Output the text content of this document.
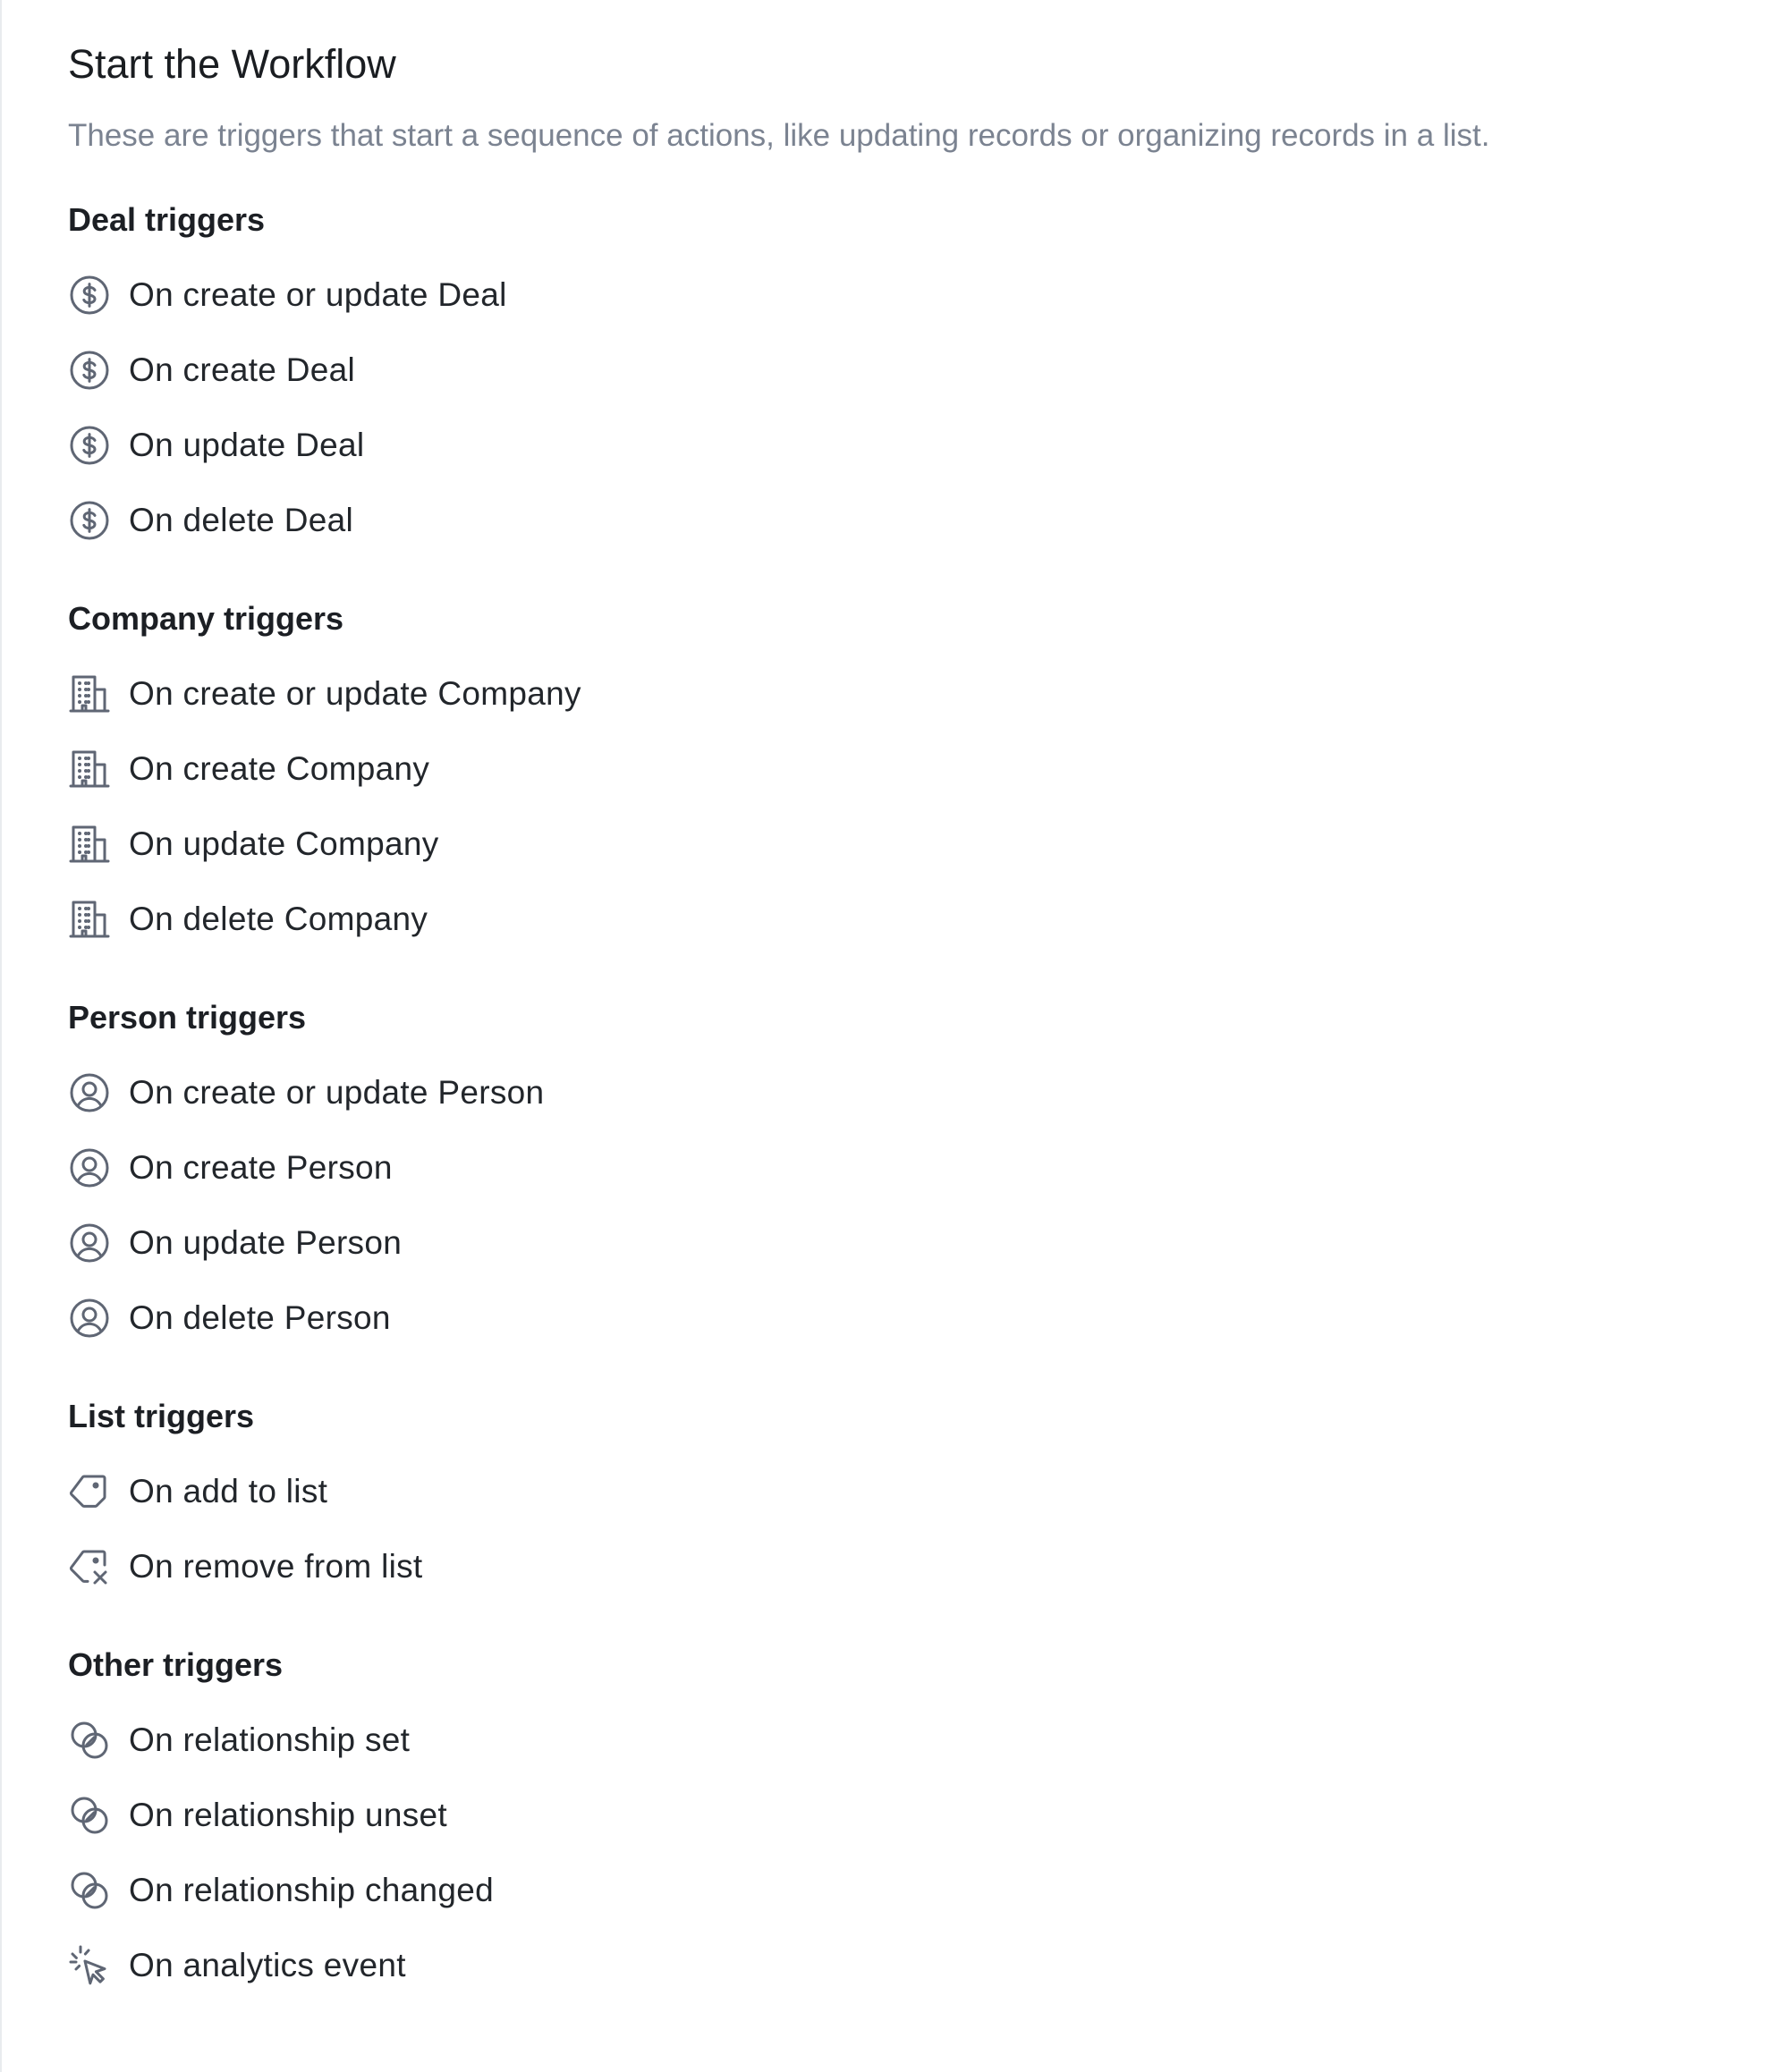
Start the Workflow

These are triggers that start a sequence of actions, like updating records or organizing records in a list.

Deal triggers
On create or update Deal
On create Deal
On update Deal
On delete Deal
Company triggers
On create or update Company
On create Company
On update Company
On delete Company
Person triggers
On create or update Person
On create Person
On update Person
On delete Person
List triggers
On add to list
On remove from list
Other triggers
On relationship set
On relationship unset
On relationship changed
On analytics event
